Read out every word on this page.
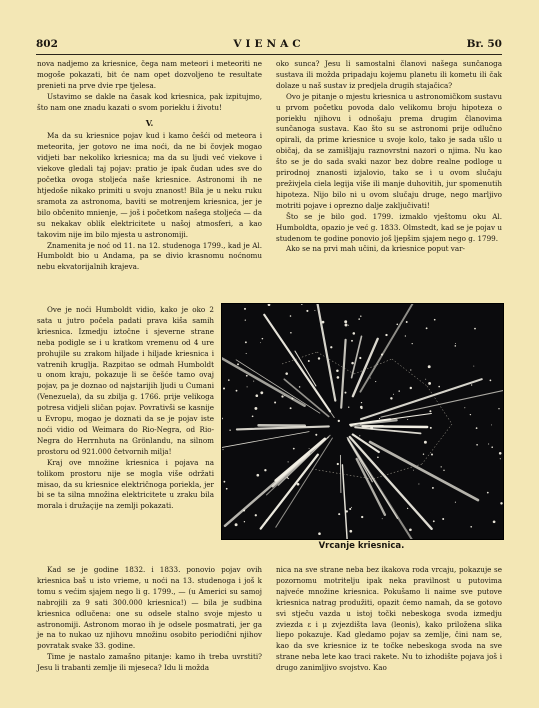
802	VIENAC	Br. 50

nova nadjemo za kriesnice, čega nam meteori i meteoriti ne mogoše pokazati, bit će nam opet dozvoljeno te resultate prenieti na prve dvie rpe tjelesa.

Ustavimo se dakle na časak kod kriesnica, pak izpitujmo, što nam one znadu kazati o svom poriekłu i životu!

V.

Ma da su kriesnice pojav kud i kamo češći od meteora i meteorita, jer gotovo ne ima noći, da ne bi čovjek mogao vidjeti bar nekoliko kriesnica; ma da su ljudi već viekove i viekove gledali taj pojav: pratio je ipak čudan udes sve do početka ovoga stoljeća naše kriesnice. Astronomi ih ne htjedoše nikako primiti u svoju znanost! Bila je u neku ruku sramota za astronoma, baviti se motrenjem kriesnica, jer je bilo občenito mnienje, — još i početkom našega stoljeća — da su nekakav oblik elektricitete u našoj atmosferi, a kao takovim nije im bilo mjesta u astronomiji.

Znamenita je noć od 11. na 12. studenoga 1799., kad je Al. Humboldt bio u Andama, pa se divio krasnomu noćnomu nebu ekvatorijalnih krajeva.

Ove je noći Humboldt vidio, kako je oko 2 sata u jutro počela padati prava kiša samih kriesnica. Izmedju iztočne i sjeverne strane neba podigle se i u kratkom vremenu od 4 ure prohujile su zrakom hiljade i hiljade kriesnica i vatrenih kruglja. Razpitao se odmah Humboldt u onom kraju, pokazuje li se češće tamo ovaj pojav, pa je doznao od najstarijih ljudi u Cumani (Venezuela), da su zbilja g. 1766. prije velikoga potresa vidjeli sličan pojav. Povrativši se kasnije u Evropu, mogao je doznati da se je pojav iste noći vidio od Weimara do Rio-Negra, od Rio-Negra do Herrnhuta na Grönlandu, na silnom prostoru od 921.000 četvornih milja!

Kraj ove množine kriesnica i pojava na tolikom prostoru nije se mogla više održati misao, da su kriesnice električnoga poriekla, jer bi se ta silna množina elektricitete u zraku bila morala i družaçije na zemlji pokazati.

Vrcanje kriesnica.

Kad se je godine 1832. i 1833. ponovio pojav ovih kriesnica baš u isto vrieme, u noći na 13. studenoga i još k tomu s većim sjajem nego li g. 1799., — (u Americi su samoj nabrojili za 9 sati 300.000 kriesnica!) — bila je sudbina kriesnica odlučena: one su odsele stalno svoje mjesto u astronomiji. Astronom morao ih je odsele posmatrati, jer ga je na to nukao uz njihovu množinu osobito periodični njihov povratak svake 33. godine.

Time je nastalo zamašno pitanje: kamo ih treba uvrstiti? Jesu li trabanti zemlje ili mjeseca? Idu li možda

oko sunca? Jesu li samostalni članovi našega sunčanoga sustava ili možda pripadaju kojemu planetu ili kometu ili čak dolaze u naš sustav iz predjela drugih stajačica?

Ovo je pitanje o mjestu kriesnica u astronomičkom sustavu u prvom početku povoda dalo velikomu broju hipoteza o poriekłu njihovu i odnošaju prema drugim članovima sunčanoga sustava. Kao što su se astronomi prije odlučno opirali, da prime kriesnice u svoje kolo, tako je sada ušlo u običaj, da se zamišljaju raznovrstni nazori o njima. Nu kao što se je do sada svaki nazor bez dobre realne podloge u prirodnoj znanosti izjalovio, tako se i u ovom slučaju preživjela ciela legija više ili manje duhovitih, jur spomenutih hipoteza. Nijo bilo ni u ovom slučaju druge, nego marljivo motriti pojave i oprezno dalje zaključivati!

Što se je bilo god. 1799. izmaklo vještomu oku Al. Humboldta, opazio je već g. 1833. Olmstedt, kad se je pojav u studenom te godine ponovio još ljepšim sjajem nego g. 1799.

Ako se na prvi mah učini, da kriesnice poput var-

nica na sve strane neba bez ikakova roda vrcaju, pokazuje se pozornomu motritelju ipak neka pravilnost u putovima najveće množine kriesnica. Pokušamo li naime sve putove kriesnica natrag produžiti, opazit ćemo namah, da se gotovo svi stječu vazda u istoj točki nebeskoga svoda izmedju zviezda ε i μ zvjezdišta lava (leonis), kako priložena slika liepo pokazuje. Kad gledamo pojav sa zemlje, čini nam se, kao da sve kriesnice iz te točke nebeskoga svoda na sve strane neba lete kao traci rakete. Nu to izhodište pojava još i drugo zanimljivo svojstvo. Kao
